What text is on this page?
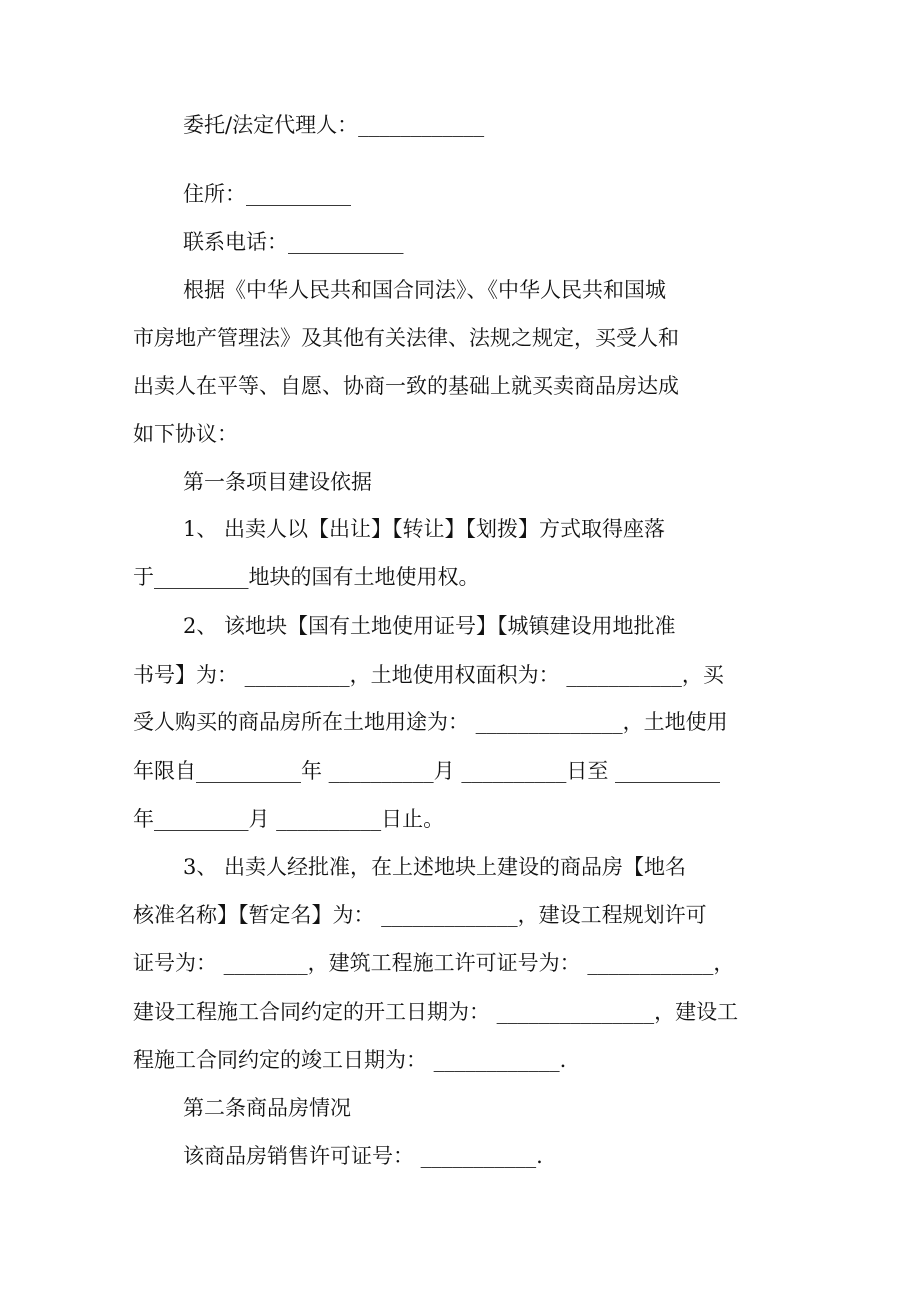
委托/法定代理人：____________
住所：__________
联系电话：___________
根据《中华人民共和国合同法》、《中华人民共和国城
市房地产管理法》及其他有关法律、法规之规定，买受人和
出卖人在平等、自愿、协商一致的基础上就买卖商品房达成
如下协议：
第一条项目建设依据
1、 出卖人以【出让】【转让】【划拨】方式取得座落
于_________地块的国有土地使用权。
2、 该地块【国有土地使用证号】【城镇建设用地批准
书号】为： __________，土地使用权面积为： ___________，买
受人购买的商品房所在土地用途为： ______________，土地使用
年限自__________年 __________月 __________日至 __________
年_________月 __________日止。
3、 出卖人经批准，在上述地块上建设的商品房【地名
核准名称】【暂定名】为： _____________，建设工程规划许可
证号为： ________，建筑工程施工许可证号为： ____________，
建设工程施工合同约定的开工日期为： _______________，建设工
程施工合同约定的竣工日期为： ____________.
第二条商品房情况
该商品房销售许可证号： ___________.
